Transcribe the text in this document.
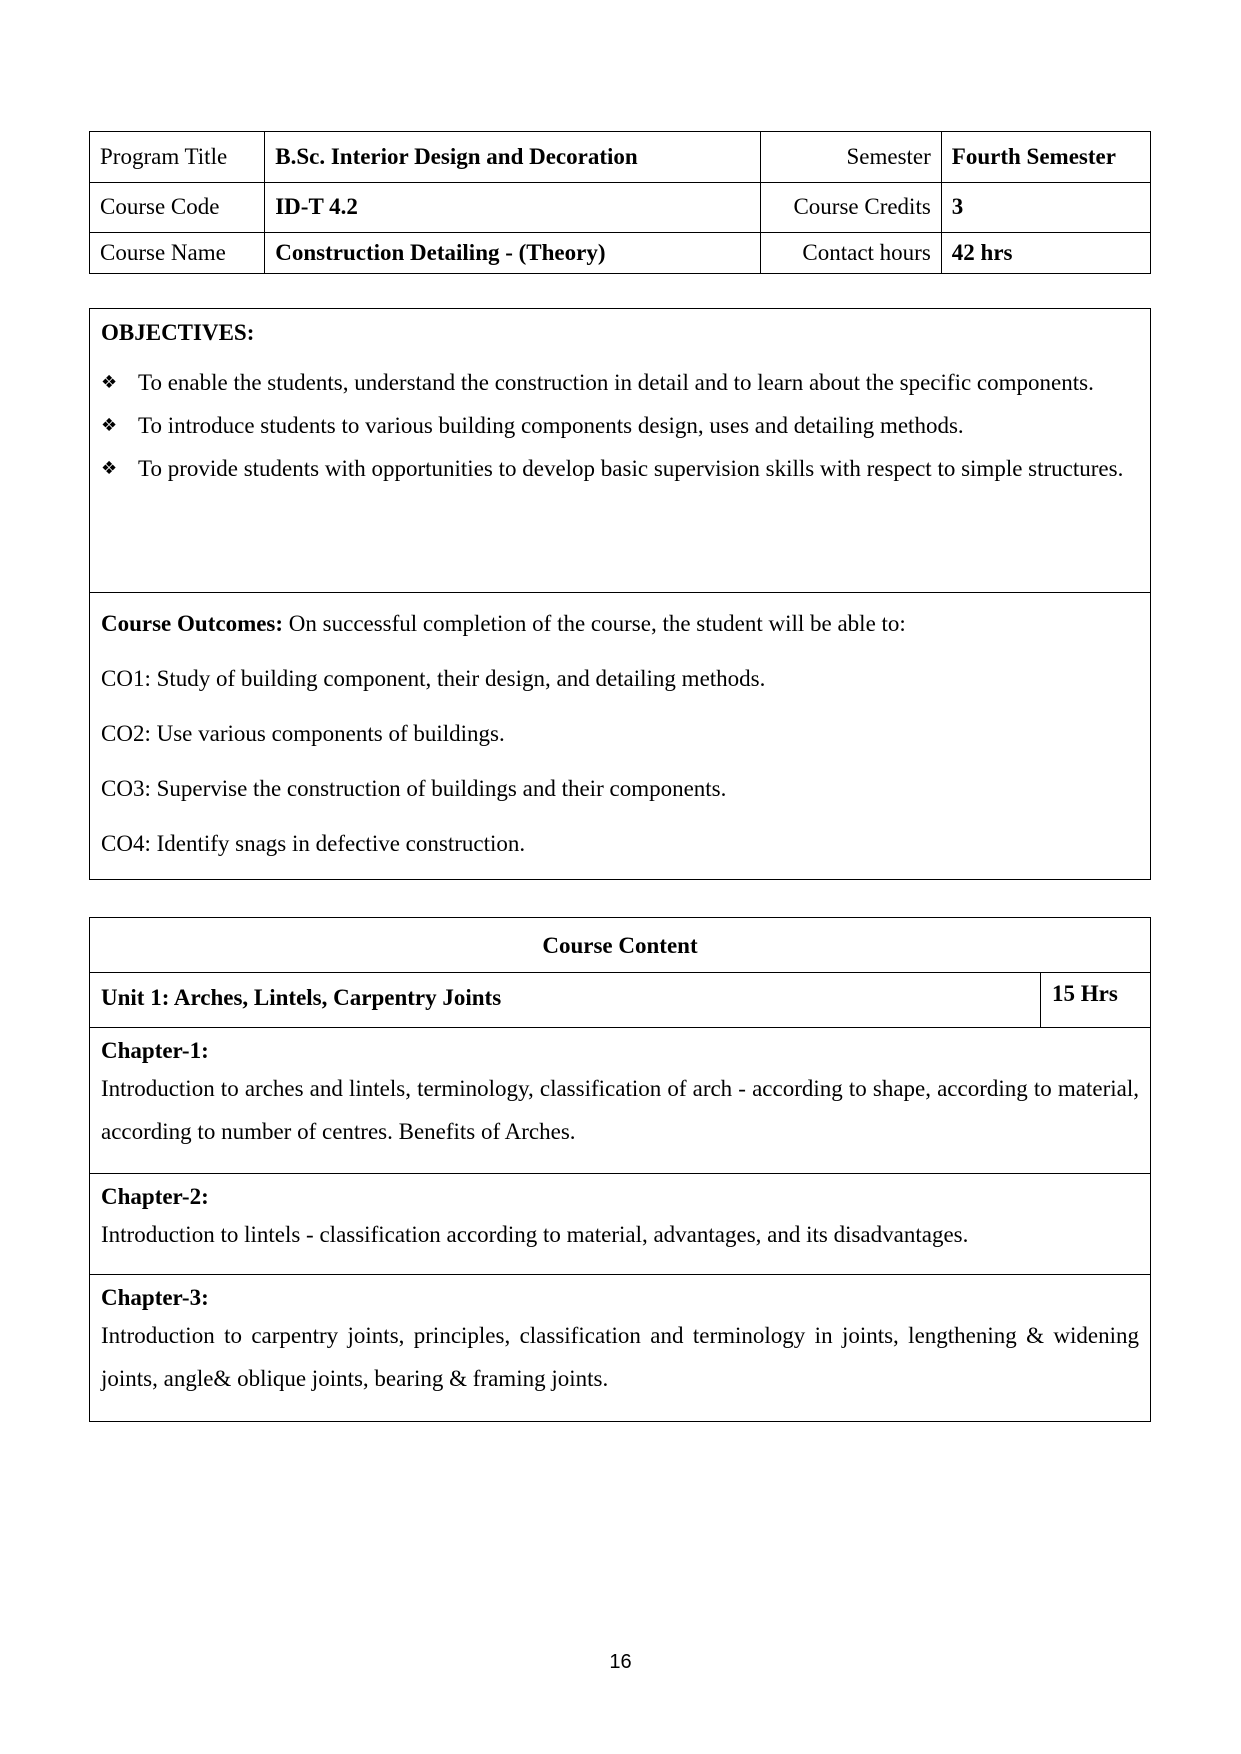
Program Title	B.Sc. Interior Design and Decoration	Semester	Fourth Semester
Course Code	ID-T 4.2	Course Credits	3
Course Name	Construction Detailing - (Theory)	Contact hours	42 hrs
OBJECTIVES:
❖ To enable the students, understand the construction in detail and to learn about the specific components.
❖ To introduce students to various building components design, uses and detailing methods.
❖ To provide students with opportunities to develop basic supervision skills with respect to simple structures.
Course Outcomes: On successful completion of the course, the student will be able to:
CO1: Study of building component, their design, and detailing methods.
CO2: Use various components of buildings.
CO3: Supervise the construction of buildings and their components.
CO4: Identify snags in defective construction.
Course Content
Unit 1: Arches, Lintels, Carpentry Joints	15 Hrs
Chapter-1:
Introduction to arches and lintels, terminology, classification of arch - according to shape, according to material, according to number of centres. Benefits of Arches.
Chapter-2:
Introduction to lintels - classification according to material, advantages, and its disadvantages.
Chapter-3:
Introduction to carpentry joints, principles, classification and terminology in joints, lengthening & widening joints, angle& oblique joints, bearing & framing joints.
16
